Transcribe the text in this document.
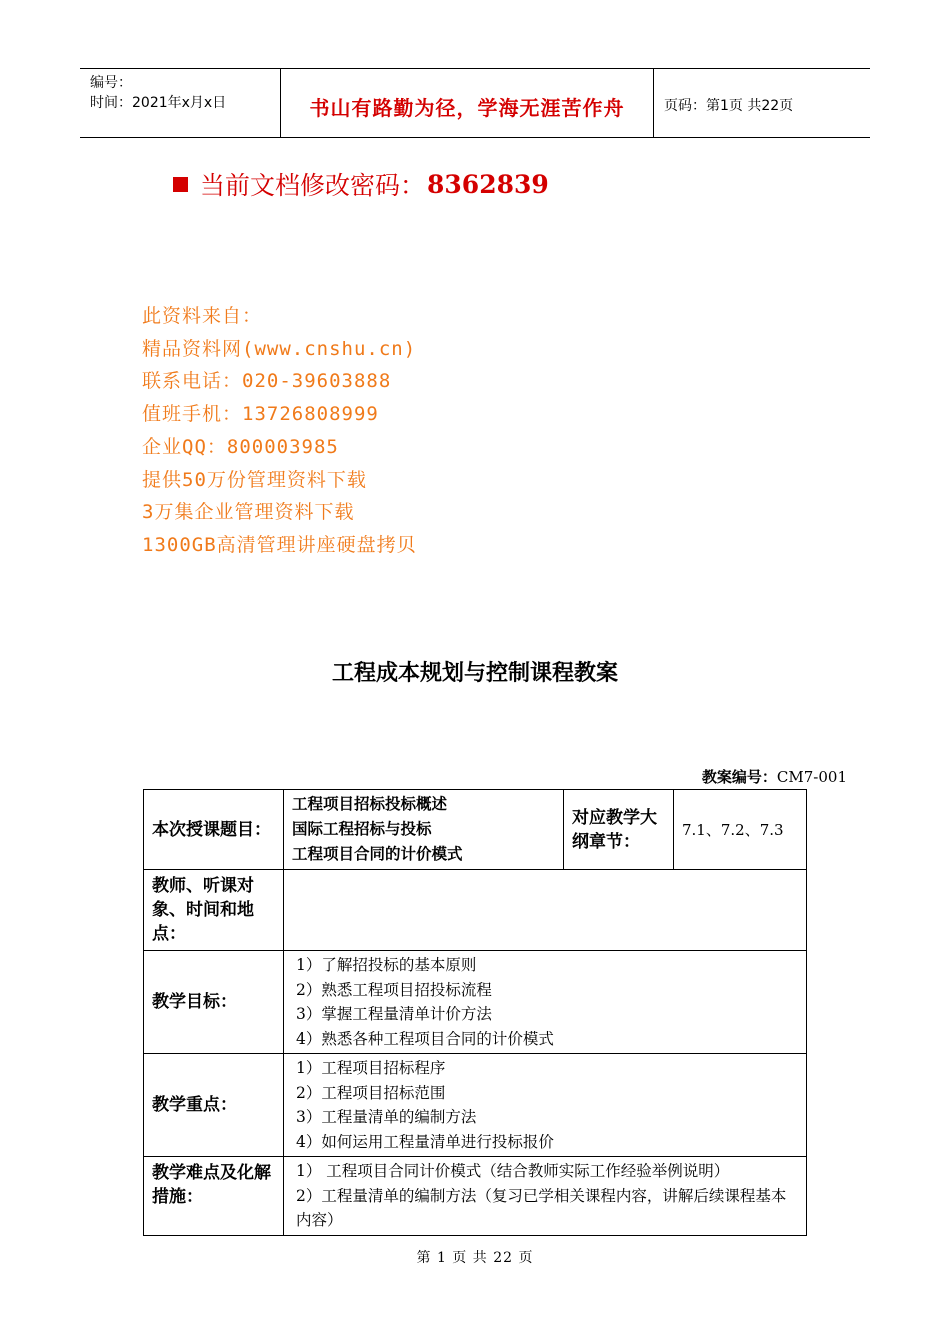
编号：
时间：2021年x月x日	书山有路勤为径，学海无涯苦作舟	页码：第1页 共22页
当前文档修改密码： 8362839
此资料来自：
精品资料网(www.cnshu.cn)
联系电话：020-39603888
值班手机：13726808999
企业QQ：800003985
提供50万份管理资料下载
3万集企业管理资料下载
1300GB高清管理讲座硬盘拷贝
工程成本规划与控制课程教案
教案编号：CM7-001
本次授课题目：	工程项目招标投标概述
国际工程招标与投标
工程项目合同的计价模式	对应教学大纲章节：	7.1、7.2、7.3
教师、听课对象、时间和地点：			
教学目标：	1）了解招投标的基本原则
2）熟悉工程项目招投标流程
3）掌握工程量清单计价方法
4）熟悉各种工程项目合同的计价模式		

教学重点：	1）工程项目招标程序
2）工程项目招标范围
3）工程量清单的编制方法
4）如何运用工程量清单进行投标报价		

教学难点及化解措施：	1） 工程项目合同计价模式（结合教师实际工作经验举例说明）
2）工程量清单的编制方法（复习已学相关课程内容，讲解后续课程基本内容）		
第 1 页 共 22 页
